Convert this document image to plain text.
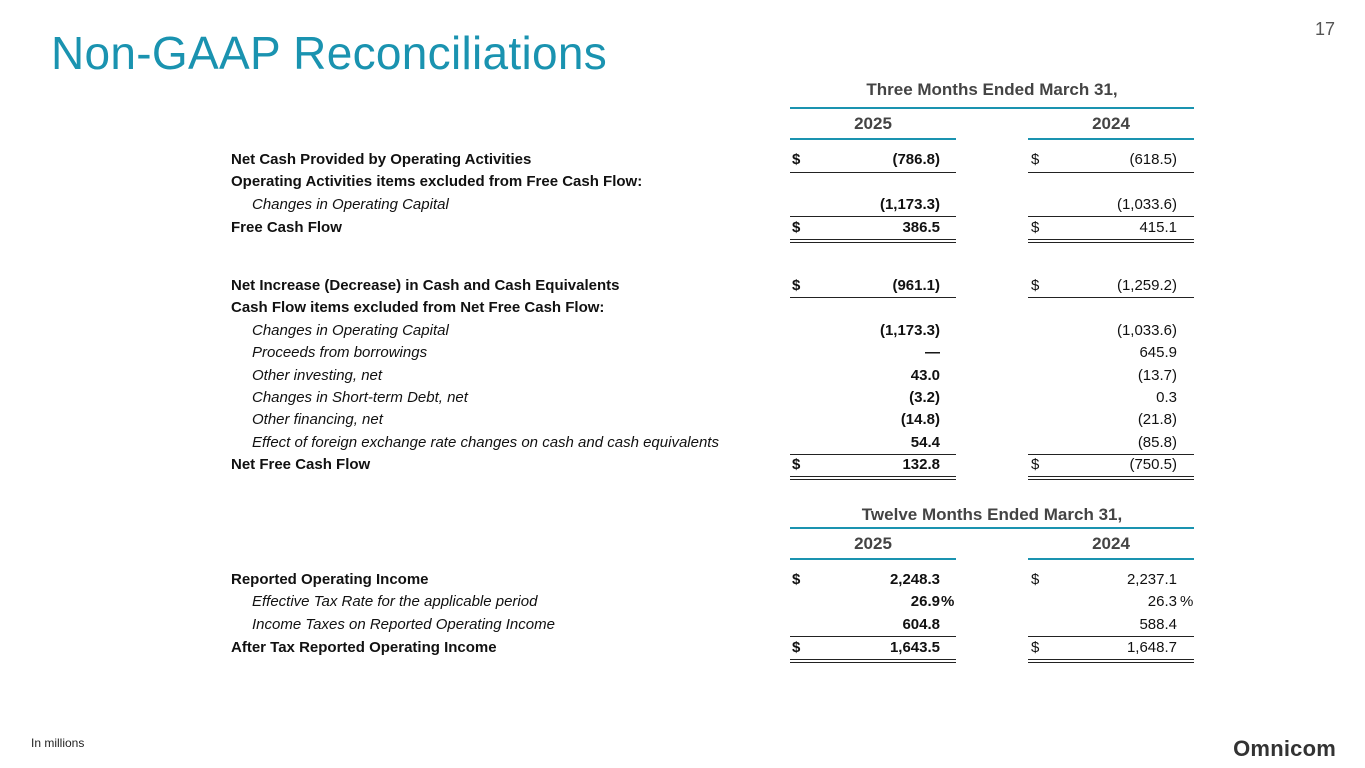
17
Non-GAAP Reconciliations
Three Months Ended March 31,
2025	2024
Net Cash Provided by Operating Activities	$	(786.8)	$	(618.5)
Operating Activities items excluded from Free Cash Flow:
Changes in Operating Capital	(1,173.3)	(1,033.6)
Free Cash Flow	$	386.5	$	415.1
Net Increase (Decrease) in Cash and Cash Equivalents	$	(961.1)	$	(1,259.2)
Cash Flow items excluded from Net Free Cash Flow:
Changes in Operating Capital	(1,173.3)	(1,033.6)
Proceeds from borrowings	—	645.9
Other investing, net	43.0	(13.7)
Changes in Short-term Debt, net	(3.2)	0.3
Other financing, net	(14.8)	(21.8)
Effect of foreign exchange rate changes on cash and cash equivalents	54.4	(85.8)
Net Free Cash Flow	$	132.8	$	(750.5)
Twelve Months Ended March 31,
2025	2024
Reported Operating Income	$	2,248.3	$	2,237.1
Effective Tax Rate for the applicable period	26.9 %	26.3 %
Income Taxes on Reported Operating Income	604.8	588.4
After Tax Reported Operating Income	$	1,643.5	$	1,648.7
In millions	Omnicom
